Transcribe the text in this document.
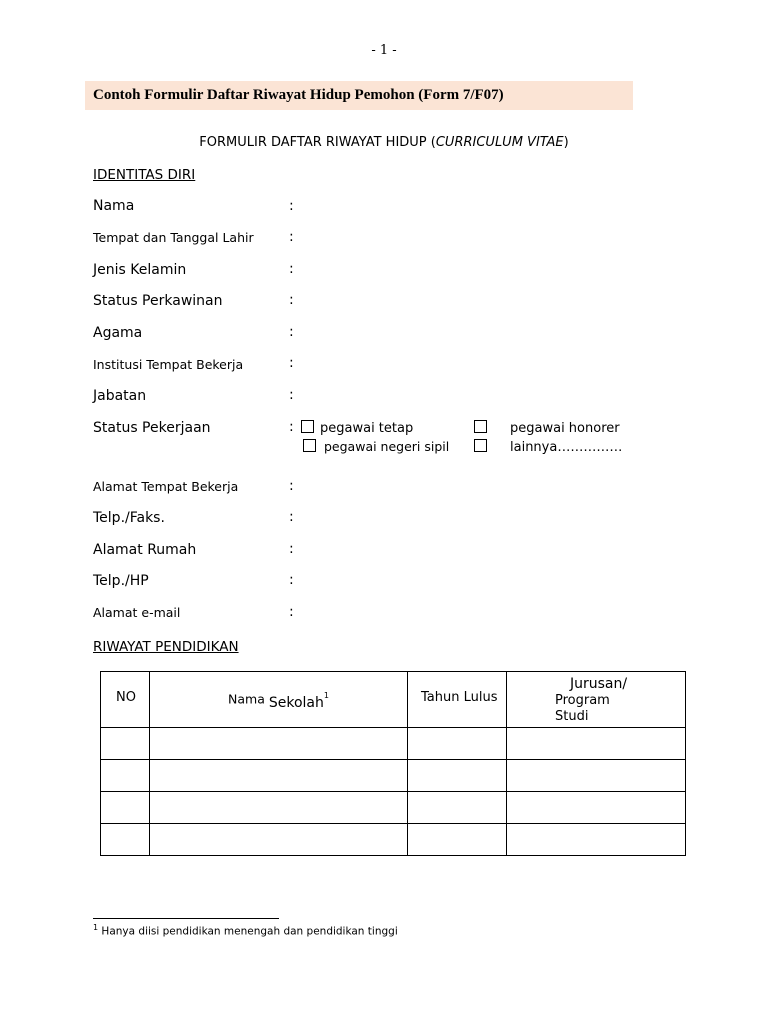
- 1 -
Contoh Formulir Daftar Riwayat Hidup Pemohon (Form 7/F07)
FORMULIR DAFTAR RIWAYAT HIDUP (CURRICULUM VITAE)
IDENTITAS DIRI
Nama	:
Tempat dan Tanggal Lahir	:
Jenis Kelamin	:
Status Perkawinan	:
Agama	:
Institusi Tempat Bekerja	:
Jabatan	:
Status Pekerjaan	:	pegawai tetap	pegawai honorer
pegawai negeri sipil	lainnya……………
Alamat Tempat Bekerja	:
Telp./Faks.	:
Alamat Rumah	:
Telp./HP	:
Alamat e-mail	:
RIWAYAT PENDIDIKAN
NO	Nama Sekolah$^1$	Tahun Lulus	Jurusan/
Program
Studi

$^1$ Hanya diisi pendidikan menengah dan pendidikan tinggi
